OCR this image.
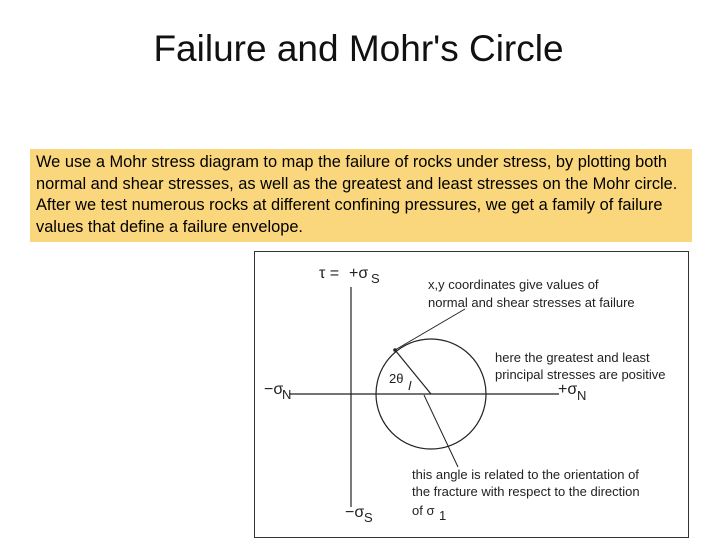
Failure and Mohr's Circle
We use a Mohr stress diagram to map the failure of rocks under stress, by plotting both normal and shear stresses, as well as the greatest and least stresses on the Mohr circle. After we test numerous rocks at different confining pressures, we get a family of failure values that define a failure envelope.
τ = +σ S
−σ
N	+σ N
−σ S
2θ
x,y coordinates give values of
normal and shear stresses at failure
here the greatest and least
principal stresses are positive
this angle is related to the orientation of
the fracture with respect to the direction
of σ 1
